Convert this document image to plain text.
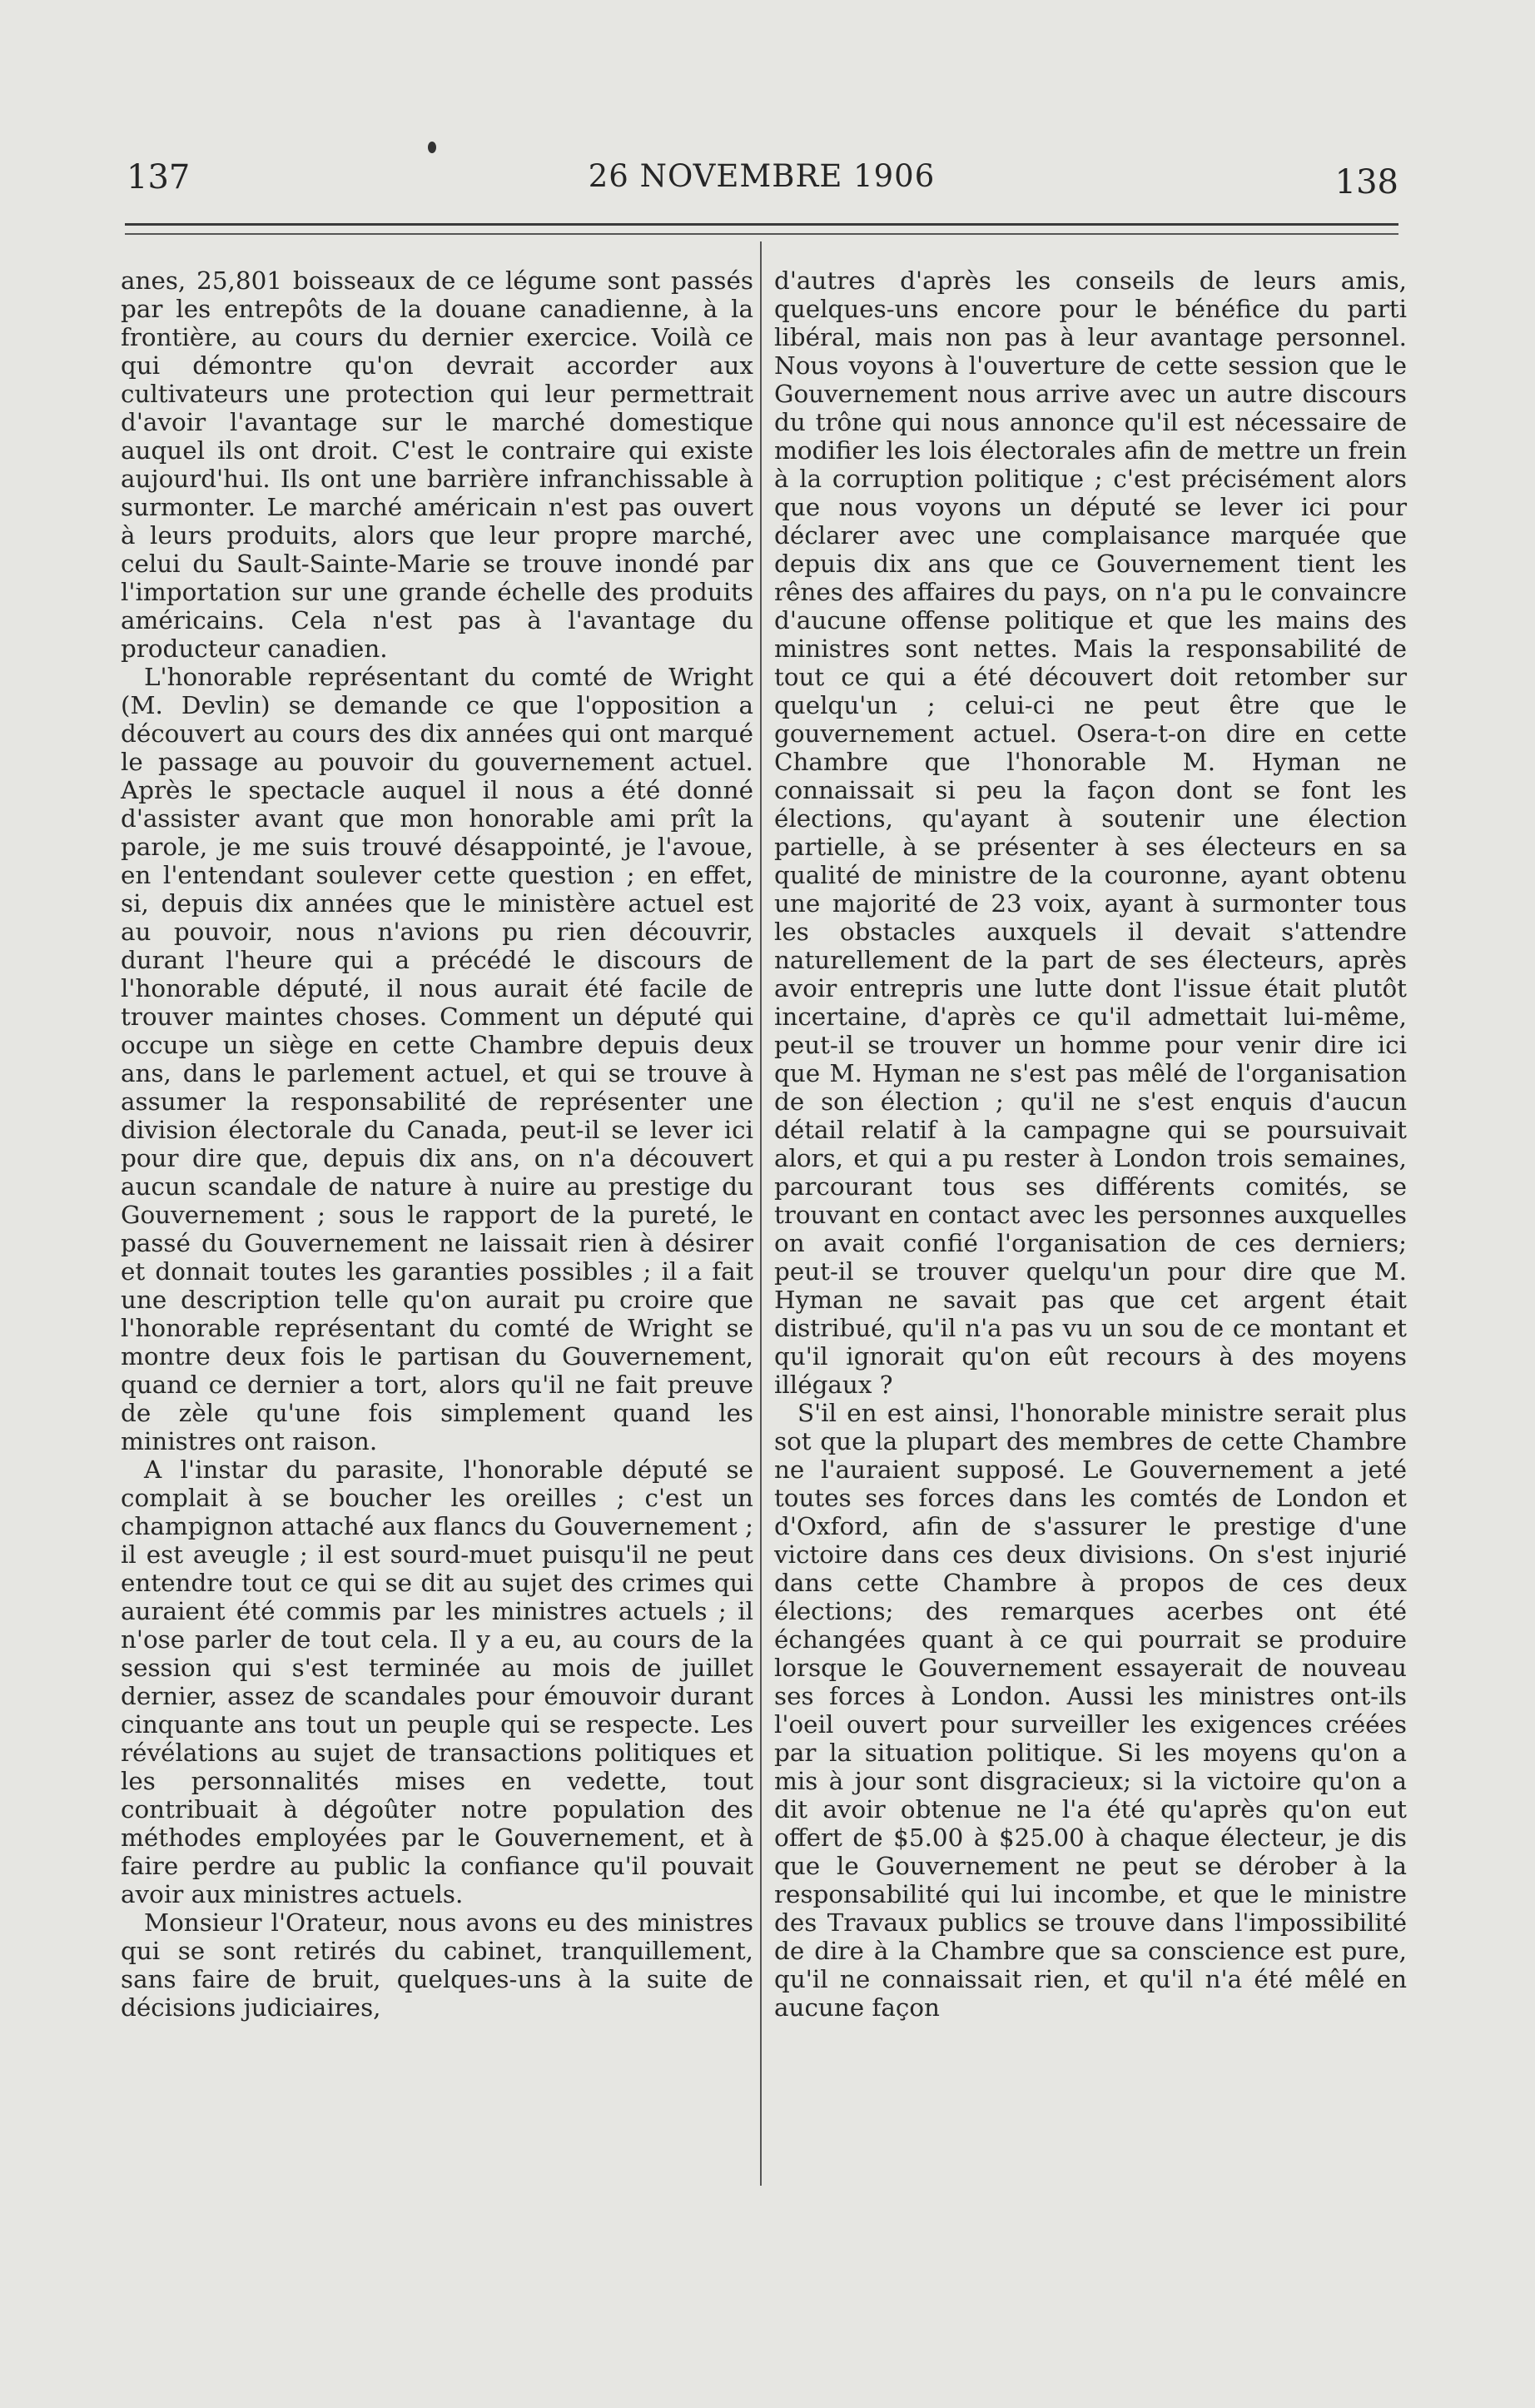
137	26 NOVEMBRE 1906	138

anes, 25,801 boisseaux de ce légume sont passés par les entrepôts de la douane canadienne, à la frontière, au cours du dernier exercice. Voilà ce qui démontre qu'on devrait accorder aux cultivateurs une protection qui leur permettrait d'avoir l'avantage sur le marché domestique auquel ils ont droit. C'est le contraire qui existe aujourd'hui. Ils ont une barrière infranchissable à surmonter. Le marché américain n'est pas ouvert à leurs produits, alors que leur propre marché, celui du Sault-Sainte-Marie se trouve inondé par l'importation sur une grande échelle des produits américains. Cela n'est pas à l'avantage du producteur canadien.

L'honorable représentant du comté de Wright (M. Devlin) se demande ce que l'opposition a découvert au cours des dix années qui ont marqué le passage au pouvoir du gouvernement actuel. Après le spectacle auquel il nous a été donné d'assister avant que mon honorable ami prît la parole, je me suis trouvé désappointé, je l'avoue, en l'entendant soulever cette question ; en effet, si, depuis dix années que le ministère actuel est au pouvoir, nous n'avions pu rien découvrir, durant l'heure qui a précédé le discours de l'honorable député, il nous aurait été facile de trouver maintes choses. Comment un député qui occupe un siège en cette Chambre depuis deux ans, dans le parlement actuel, et qui se trouve à assumer la responsabilité de représenter une division électorale du Canada, peut-il se lever ici pour dire que, depuis dix ans, on n'a découvert aucun scandale de nature à nuire au prestige du Gouvernement ; sous le rapport de la pureté, le passé du Gouvernement ne laissait rien à désirer et donnait toutes les garanties possibles ; il a fait une description telle qu'on aurait pu croire que l'honorable représentant du comté de Wright se montre deux fois le partisan du Gouvernement, quand ce dernier a tort, alors qu'il ne fait preuve de zèle qu'une fois simplement quand les ministres ont raison.

A l'instar du parasite, l'honorable député se complait à se boucher les oreilles ; c'est un champignon attaché aux flancs du Gouvernement ; il est aveugle ; il est sourd-muet puisqu'il ne peut entendre tout ce qui se dit au sujet des crimes qui auraient été commis par les ministres actuels ; il n'ose parler de tout cela. Il y a eu, au cours de la session qui s'est terminée au mois de juillet dernier, assez de scandales pour émouvoir durant cinquante ans tout un peuple qui se respecte. Les révélations au sujet de transactions politiques et les personnalités mises en vedette, tout contribuait à dégoûter notre population des méthodes employées par le Gouvernement, et à faire perdre au public la confiance qu'il pouvait avoir aux ministres actuels.

Monsieur l'Orateur, nous avons eu des ministres qui se sont retirés du cabinet, tranquillement, sans faire de bruit, quelques-uns à la suite de décisions judiciaires,

d'autres d'après les conseils de leurs amis, quelques-uns encore pour le bénéfice du parti libéral, mais non pas à leur avantage personnel. Nous voyons à l'ouverture de cette session que le Gouvernement nous arrive avec un autre discours du trône qui nous annonce qu'il est nécessaire de modifier les lois électorales afin de mettre un frein à la corruption politique ; c'est précisément alors que nous voyons un député se lever ici pour déclarer avec une complaisance marquée que depuis dix ans que ce Gouvernement tient les rênes des affaires du pays, on n'a pu le convaincre d'aucune offense politique et que les mains des ministres sont nettes. Mais la responsabilité de tout ce qui a été découvert doit retomber sur quelqu'un ; celui-ci ne peut être que le gouvernement actuel. Osera-t-on dire en cette Chambre que l'honorable M. Hyman ne connaissait si peu la façon dont se font les élections, qu'ayant à soutenir une élection partielle, à se présenter à ses électeurs en sa qualité de ministre de la couronne, ayant obtenu une majorité de 23 voix, ayant à surmonter tous les obstacles auxquels il devait s'attendre naturellement de la part de ses électeurs, après avoir entrepris une lutte dont l'issue était plutôt incertaine, d'après ce qu'il admettait lui-même, peut-il se trouver un homme pour venir dire ici que M. Hyman ne s'est pas mêlé de l'organisation de son élection ; qu'il ne s'est enquis d'aucun détail relatif à la campagne qui se poursuivait alors, et qui a pu rester à London trois semaines, parcourant tous ses différents comités, se trouvant en contact avec les personnes auxquelles on avait confié l'organisation de ces derniers; peut-il se trouver quelqu'un pour dire que M. Hyman ne savait pas que cet argent était distribué, qu'il n'a pas vu un sou de ce montant et qu'il ignorait qu'on eût recours à des moyens illégaux ?

S'il en est ainsi, l'honorable ministre serait plus sot que la plupart des membres de cette Chambre ne l'auraient supposé. Le Gouvernement a jeté toutes ses forces dans les comtés de London et d'Oxford, afin de s'assurer le prestige d'une victoire dans ces deux divisions. On s'est injurié dans cette Chambre à propos de ces deux élections; des remarques acerbes ont été échangées quant à ce qui pourrait se produire lorsque le Gouvernement essayerait de nouveau ses forces à London. Aussi les ministres ont-ils l'oeil ouvert pour surveiller les exigences créées par la situation politique. Si les moyens qu'on a mis à jour sont disgracieux; si la victoire qu'on a dit avoir obtenue ne l'a été qu'après qu'on eut offert de $5.00 à $25.00 à chaque électeur, je dis que le Gouvernement ne peut se dérober à la responsabilité qui lui incombe, et que le ministre des Travaux publics se trouve dans l'impossibilité de dire à la Chambre que sa conscience est pure, qu'il ne connaissait rien, et qu'il n'a été mêlé en aucune façon
